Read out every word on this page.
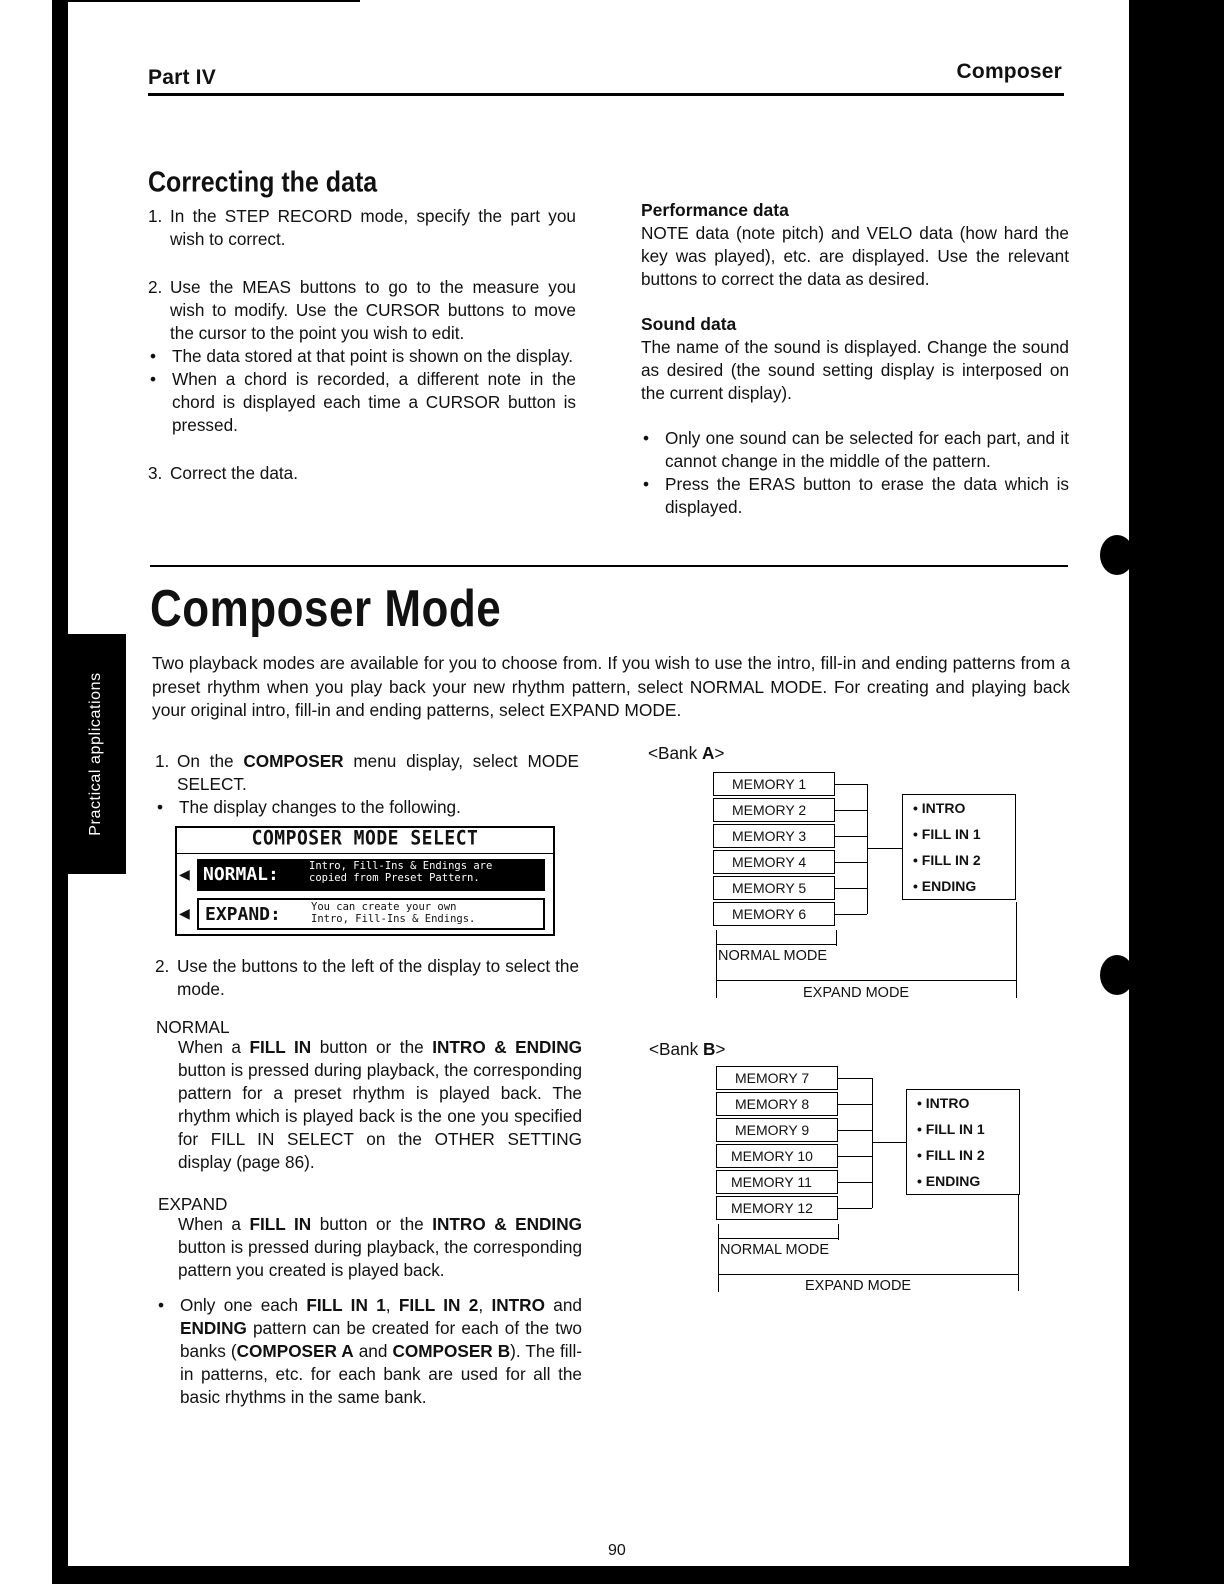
Part IV	Composer
Practical applications
Correcting the data
1. In the STEP RECORD mode, specify the part you wish to correct.
2. Use the MEAS buttons to go to the measure you wish to modify. Use the CURSOR buttons to move the cursor to the point you wish to edit.
• The data stored at that point is shown on the display.
• When a chord is recorded, a different note in the chord is displayed each time a CURSOR button is pressed.
3. Correct the data.
Performance data
NOTE data (note pitch) and VELO data (how hard the key was played), etc. are displayed. Use the relevant buttons to correct the data as desired.
Sound data
The name of the sound is displayed. Change the sound as desired (the sound setting display is interposed on the current display).
• Only one sound can be selected for each part, and it cannot change in the middle of the pattern.
• Press the ERAS button to erase the data which is displayed.
Composer Mode
Two playback modes are available for you to choose from. If you wish to use the intro, fill-in and ending patterns from a preset rhythm when you play back your new rhythm pattern, select NORMAL MODE. For creating and playing back your original intro, fill-in and ending patterns, select EXPAND MODE.
1. On the COMPOSER menu display, select MODE SELECT.
• The display changes to the following.
COMPOSER MODE SELECT
◀ NORMAL:	Intro, Fill-Ins & Endings are
copied from Preset Pattern.
◀ EXPAND:	You can create your own
Intro, Fill-Ins & Endings.
2. Use the buttons to the left of the display to select the mode.
NORMAL
When a FILL IN button or the INTRO & ENDING button is pressed during playback, the corresponding pattern for a preset rhythm is played back. The rhythm which is played back is the one you specified for FILL IN SELECT on the OTHER SETTING display (page 86).
EXPAND
When a FILL IN button or the INTRO & ENDING button is pressed during playback, the corresponding pattern you created is played back.
• Only one each FILL IN 1, FILL IN 2, INTRO and ENDING pattern can be created for each of the two banks (COMPOSER A and COMPOSER B). The fill-in patterns, etc. for each bank are used for all the basic rhythms in the same bank.
<Bank A>
MEMORY 1
MEMORY 2
MEMORY 3
MEMORY 4
MEMORY 5
MEMORY 6
• INTRO
• FILL IN 1
• FILL IN 2
• ENDING
NORMAL MODE
EXPAND MODE
<Bank B>
MEMORY 7
MEMORY 8
MEMORY 9
MEMORY 10
MEMORY 11
MEMORY 12
• INTRO
• FILL IN 1
• FILL IN 2
• ENDING
NORMAL MODE
EXPAND MODE
90
